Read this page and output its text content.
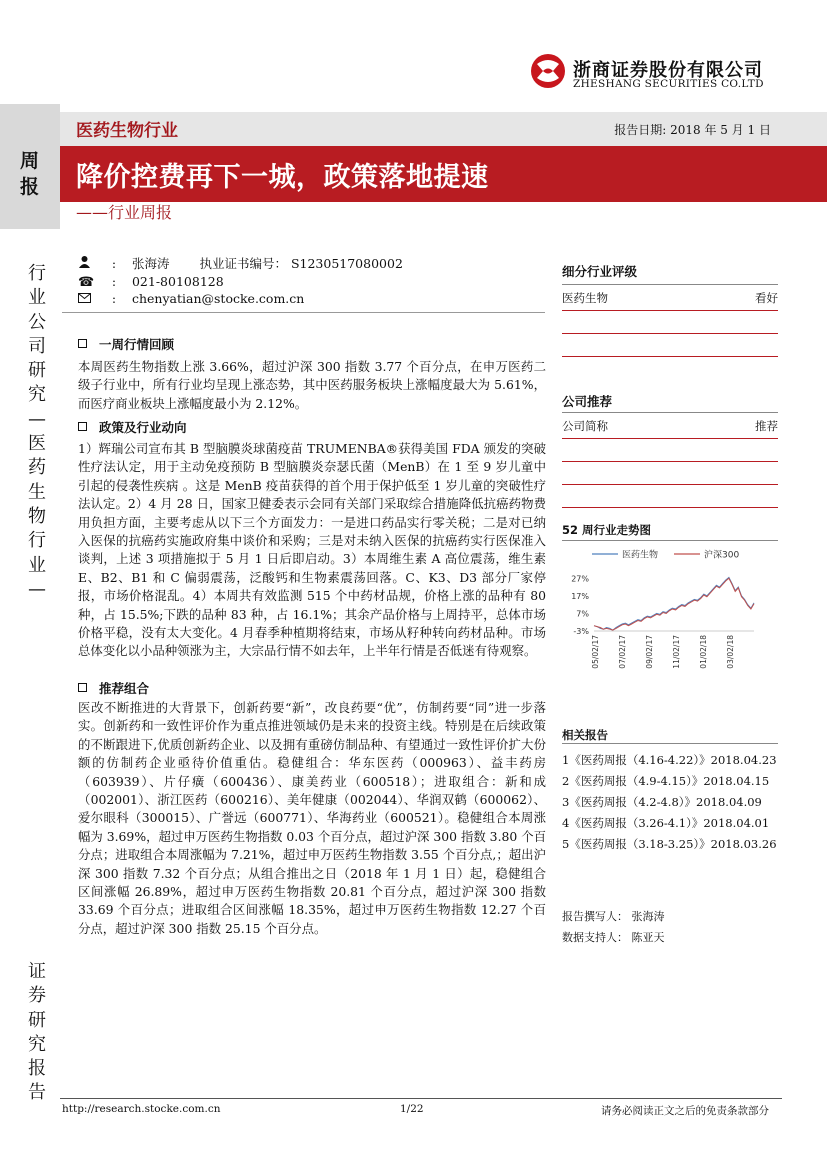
浙商证券股份有限公司
ZHESHANG SECURITIES CO.LTD
医药生物行业	报告日期: 2018 年 5 月 1 日
周报 降价控费再下一城，政策落地提速
——行业周报
行业公司研究—医药生物行业—
证券研究报告
: 张海涛 执业证书编号： S1230517080002
☎ : 021-80108128
: chenyatian@stocke.com.cn
一周行情回顾
本周医药生物指数上涨 3.66%，超过沪深 300 指数 3.77 个百分点，在申万医药二级子行业中，所有行业均呈现上涨态势，其中医药服务板块上涨幅度最大为 5.61%，而医疗商业板块上涨幅度最小为 2.12%。
政策及行业动向
1）辉瑞公司宣布其 B 型脑膜炎球菌疫苗 TRUMENBA®获得美国 FDA 颁发的突破性疗法认定，用于主动免疫预防 B 型脑膜炎奈瑟氏菌（MenB）在 1 至 9 岁儿童中引起的侵袭性疾病 。这是 MenB 疫苗获得的首个用于保护低至 1 岁儿童的突破性疗法认定。2）4 月 28 日，国家卫健委表示会同有关部门采取综合措施降低抗癌药物费用负担方面，主要考虑从以下三个方面发力：一是进口药品实行零关税；二是对已纳入医保的抗癌药实施政府集中谈价和采购；三是对未纳入医保的抗癌药实行医保准入谈判，上述 3 项措施拟于 5 月 1 日后即启动。3）本周维生素 A 高位震荡，维生素 E、B2、B1 和 C 偏弱震荡，泛酸钙和生物素震荡回落。C、K3、D3 部分厂家停报，市场价格混乱。4）本周共有效监测 515 个中药材品规，价格上涨的品种有 80 种，占 15.5%;下跌的品种 83 种，占 16.1%；其余产品价格与上周持平，总体市场价格平稳，没有太大变化。4 月春季种植期将结束，市场从籽种转向药材品种。市场总体变化以小品种领涨为主，大宗品行情不如去年，上半年行情是否低迷有待观察。
推荐组合
医改不断推进的大背景下，创新药要“新”，改良药要“优”，仿制药要“同”进一步落实。创新药和一致性评价作为重点推进领域仍是未来的投资主线。特别是在后续政策的不断跟进下,优质创新药企业、以及拥有重磅仿制品种、有望通过一致性评价扩大份额的仿制药企业亟待价值重估。稳健组合：华东医药（000963）、益丰药房（603939）、片仔癀（600436）、康美药业（600518）；进取组合：新和成（002001）、浙江医药（600216）、美年健康（002044）、华润双鹤（600062）、爱尔眼科（300015）、广誉远（600771）、华海药业（600521）。稳健组合本周涨幅为 3.69%，超过申万医药生物指数 0.03 个百分点，超过沪深 300 指数 3.80 个百分点；进取组合本周涨幅为 7.21%，超过申万医药生物指数 3.55 个百分点,；超出沪深 300 指数 7.32 个百分点；从组合推出之日（2018 年 1 月 1 日）起，稳健组合区间涨幅 26.89%，超过申万医药生物指数 20.81 个百分点，超过沪深 300 指数 33.69 个百分点；进取组合区间涨幅 18.35%，超过申万医药生物指数 12.27 个百分点，超过沪深 300 指数 25.15 个百分点。
细分行业评级
医药生物	看好
公司推荐
公司简称	推荐
52 周行业走势图
医药生物	沪深300
27%
17%
7%
-3%
05/02/17 07/02/17 09/02/17 11/02/17 01/02/18 03/02/18
相关报告
1《医药周报（4.16-4.22）》2018.04.23
2《医药周报（4.9-4.15）》2018.04.15
3《医药周报（4.2-4.8）》2018.04.09
4《医药周报（3.26-4.1）》2018.04.01
5《医药周报（3.18-3.25）》2018.03.26
报告撰写人： 张海涛
数据支持人： 陈亚天
http://research.stocke.com.cn	1/22	请务必阅读正文之后的免责条款部分
